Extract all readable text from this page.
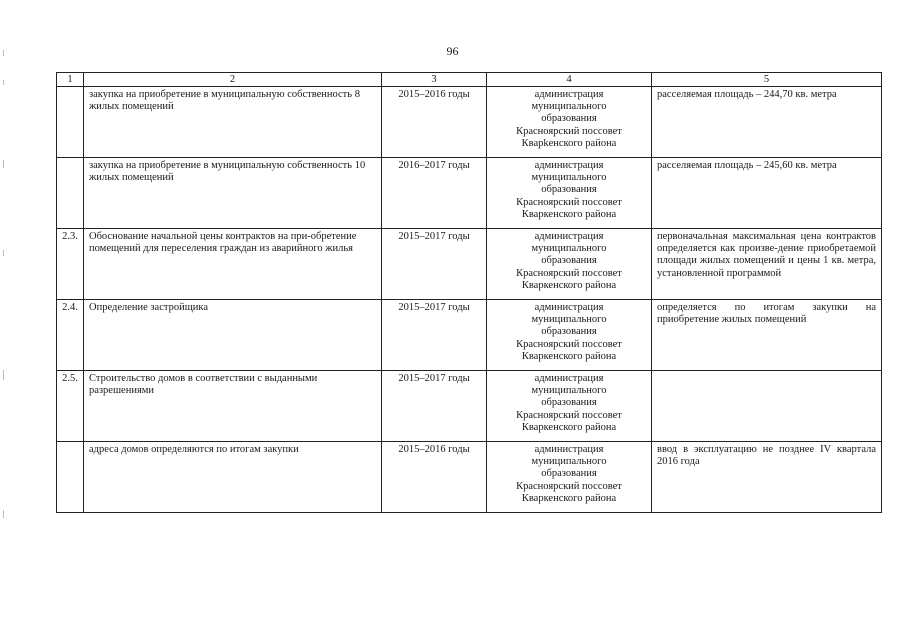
96
1	2	3	4	5
	закупка на приобретение в муниципальную собственность 8 жилых помещений	2015–2016 годы	администрация
муниципального
образования
Красноярский поссовет
Кварkенского района	расселяемая площадь – 244,70 кв. метра
	закупка на приобретение в муниципальную собственность 10 жилых помещений	2016–2017 годы	администрация
муниципального
образования
Красноярский поссовет
Кваркенского района	расселяемая площадь – 245,60 кв. метра
2.3.	Обоснование начальной цены контрактов на при-обретение помещений для переселения граждан из аварийного жилья	2015–2017 годы	администрация
муниципального
образования
Красноярский поссовет
Кваркенского района	первоначальная максимальная цена контрактов определяется как произве-дение приобретаемой площади жилых помещений и цены 1 кв. метра, установленной программой
2.4.	Определение застройщика	2015–2017 годы	администрация
муниципального
образования
Красноярский поссовет
Кваркенского района	определяется по итогам закупки на приобретение жилых помещений
2.5.	Строительство домов в соответствии с выданными разрешениями	2015–2017 годы	администрация
муниципального
образования
Красноярский поссовет
Кваркенского района	

	адреса домов определяются по итогам закупки	2015–2016 годы	администрация
муниципального
образования
Красноярский поссовет
Кваркенского района	ввод в эксплуатацию не позднее IV квартала 2016 года
